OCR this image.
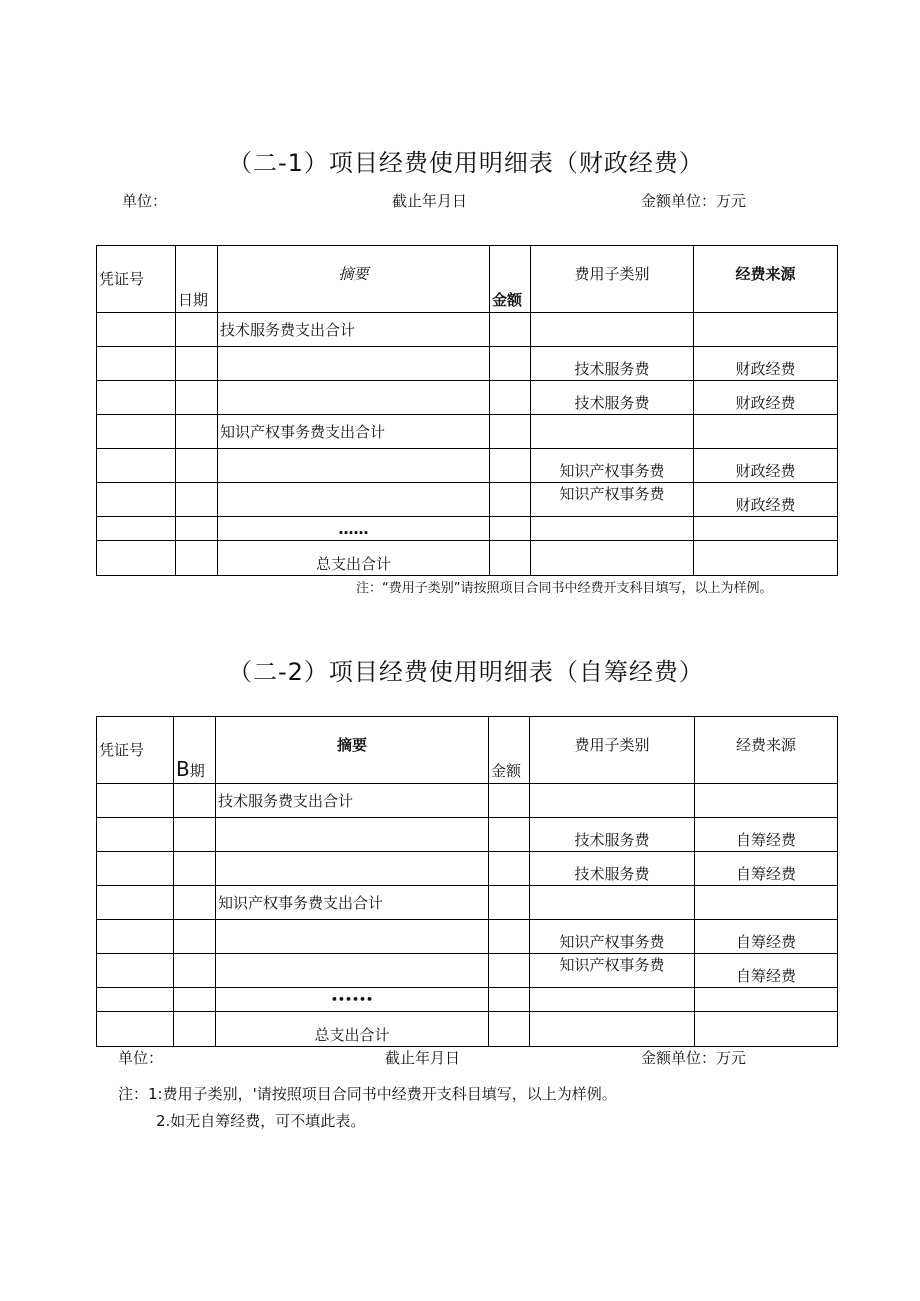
（二-1）项目经费使用明细表（财政经费）
单位：	截止年月日	金额单位：万元
凭证号	日期	摘要	金额	费用子类别	经费来源
		技术服务费支出合计			
				技术服务费	财政经费
				技术服务费	财政经费
		知识产权事务费支出合计			
				知识产权事务费	财政经费
				知识产权事务费	财政经费
		……			
		总支出合计			
注：“费用子类别”请按照项目合同书中经费开支科目填写，以上为样例。
（二-2）项目经费使用明细表（自筹经费）
凭证号	B期	摘要	金额	费用子类别	经费来源
		技术服务费支出合计			
				技术服务费	自筹经费
				技术服务费	自筹经费
		知识产权事务费支出合计			
				知识产权事务费	自筹经费
				知识产权事务费	自筹经费
		••••••			
		总支出合计			
单位：	截止年月日	金额单位：万元
注：1:费用子类别，'请按照项目合同书中经费开支科目填写，以上为样例。
2.如无自筹经费，可不填此表。
